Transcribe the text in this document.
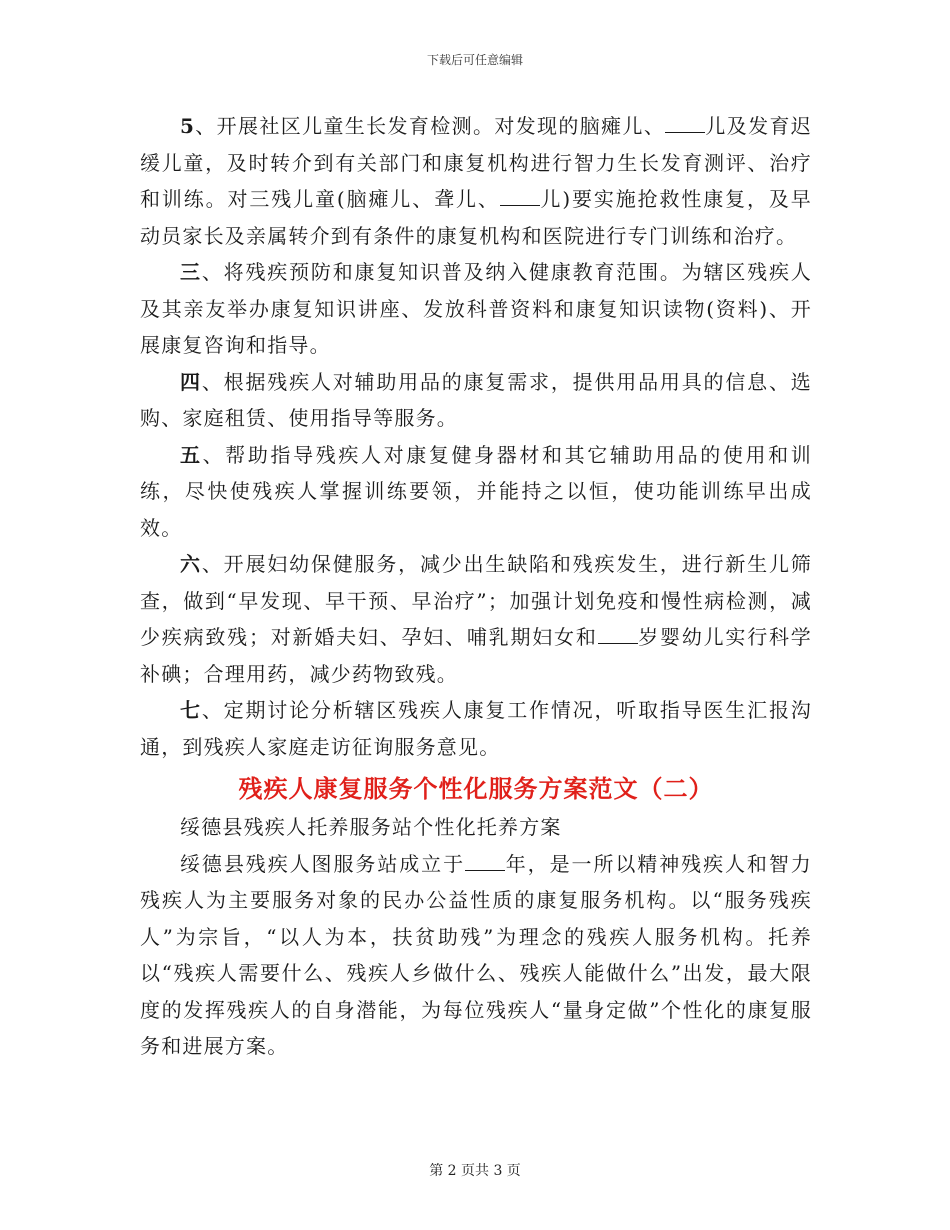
下载后可任意编辑

5、开展社区儿童生长发育检测。对发现的脑瘫儿、 儿及发育迟缓儿童，及时转介到有关部门和康复机构进行智力生长发育测评、治疗和训练。对三残儿童(脑瘫儿、聋儿、 儿)要实施抢救性康复，及早动员家长及亲属转介到有条件的康复机构和医院进行专门训练和治疗。

三、将残疾预防和康复知识普及纳入健康教育范围。为辖区残疾人及其亲友举办康复知识讲座、发放科普资料和康复知识读物(资料)、开展康复咨询和指导。

四、根据残疾人对辅助用品的康复需求，提供用品用具的信息、选购、家庭租赁、使用指导等服务。

五、帮助指导残疾人对康复健身器材和其它辅助用品的使用和训练，尽快使残疾人掌握训练要领，并能持之以恒，使功能训练早出成效。

六、开展妇幼保健服务，减少出生缺陷和残疾发生，进行新生儿筛查，做到“早发现、早干预、早治疗”；加强计划免疫和慢性病检测，减少疾病致残；对新婚夫妇、孕妇、哺乳期妇女和 岁婴幼儿实行科学补碘；合理用药，减少药物致残。

七、定期讨论分析辖区残疾人康复工作情况，听取指导医生汇报沟通，到残疾人家庭走访征询服务意见。

残疾人康复服务个性化服务方案范文（二）

绥德县残疾人托养服务站个性化托养方案

绥德县残疾人图服务站成立于 年，是一所以精神残疾人和智力残疾人为主要服务对象的民办公益性质的康复服务机构。以“服务残疾人”为宗旨，“以人为本，扶贫助残”为理念的残疾人服务机构。托养以“残疾人需要什么、残疾人乡做什么、残疾人能做什么”出发，最大限度的发挥残疾人的自身潜能，为每位残疾人“量身定做”个性化的康复服务和进展方案。

第 2 页共 3 页
